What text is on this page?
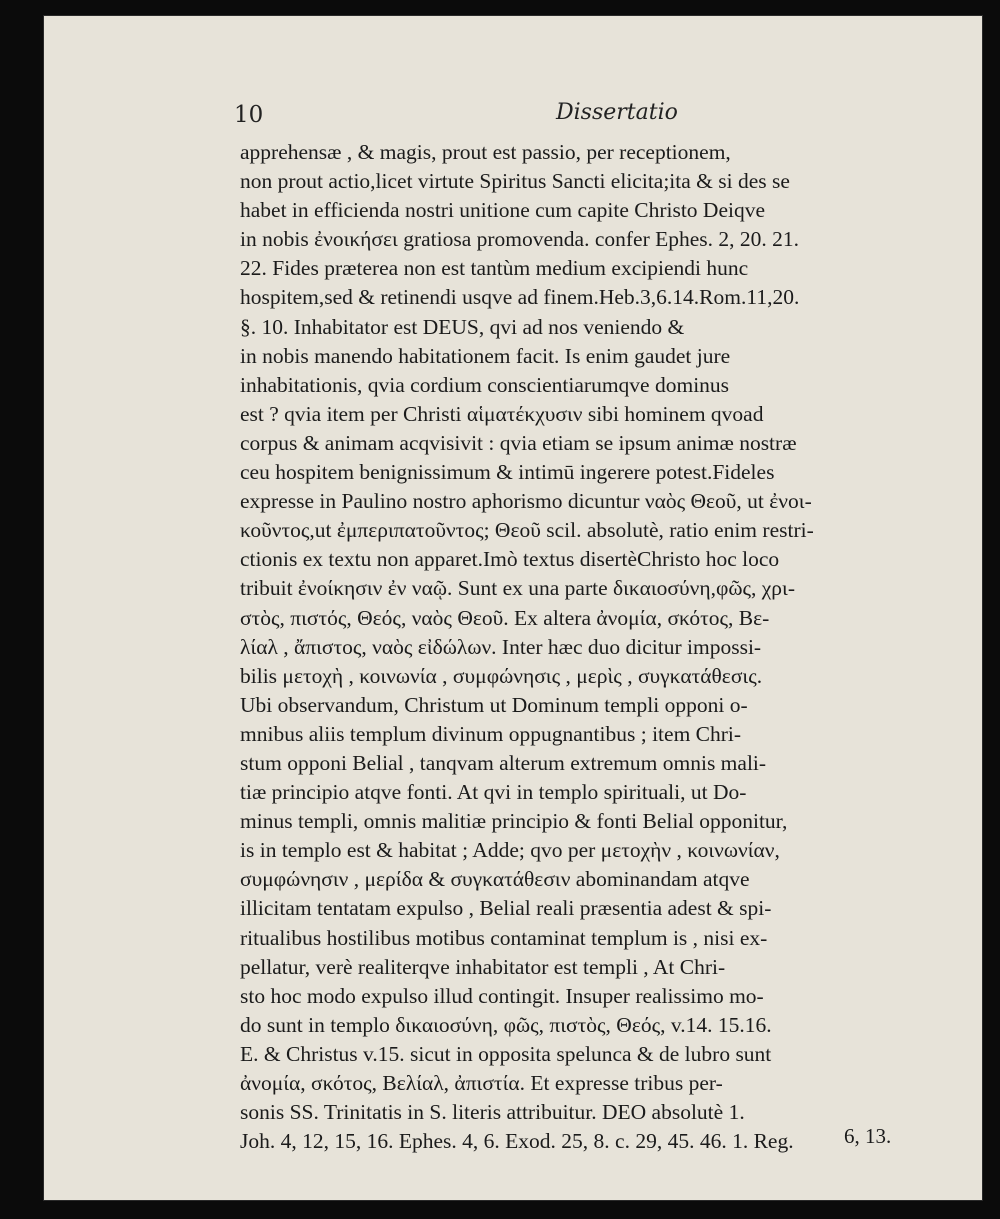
10	Dissertatio
apprehensæ , & magis, prout est passio, per receptionem,
non prout actio,licet virtute Spiritus Sancti elicita;ita & si des se
habet in efficienda nostri unitione cum capite Christo Deiqve
in nobis ἐνοικήσει gratiosa promovenda. confer Ephes. 2, 20. 21.
22. Fides præterea non est tantùm medium excipiendi hunc
hospitem,sed & retinendi usqve ad finem.Heb.3,6.14.Rom.11,20.
§. 10. Inhabitator est DEUS, qvi ad nos veniendo &
in nobis manendo habitationem facit. Is enim gaudet jure
inhabitationis, qvia cordium conscientiarumqve dominus
est ? qvia item per Christi αἱματέκχυσιν sibi hominem qvoad
corpus & animam acqvisivit : qvia etiam se ipsum animæ nostræ
ceu hospitem benignissimum & intimū ingerere potest.Fideles
expresse in Paulino nostro aphorismo dicuntur ναὸς Θεοῦ, ut ἐνοι-
κοῦντος,ut ἐμπεριπατοῦντος; Θεοῦ scil. absolutè, ratio enim restri-
ctionis ex textu non apparet.Imò textus disertèChristo hoc loco
tribuit ἐνοίκησιν ἐν ναῷ. Sunt ex una parte δικαιοσύνη,φῶς, χρι-
στὸς, πιστός, Θεός, ναὸς Θεοῦ. Ex altera ἀνομία, σκότος, Βε-
λίαλ , ἄπιστος, ναὸς εἰδώλων. Inter hæc duo dicitur impossi-
bilis μετοχὴ , κοινωνία , συμφώνησις , μερὶς , συγκατάθεσις.
Ubi observandum, Christum ut Dominum templi opponi o-
mnibus aliis templum divinum oppugnantibus ; item Chri-
stum opponi Belial , tanqvam alterum extremum omnis mali-
tiæ principio atqve fonti. At qvi in templo spirituali, ut Do-
minus templi, omnis malitiæ principio & fonti Belial opponitur,
is in templo est & habitat ; Adde; qvo per μετοχὴν , κοινωνίαν,
συμφώνησιν , μερίδα & συγκατάθεσιν abominandam atqve
illicitam tentatam expulso , Belial reali præsentia adest & spi-
ritualibus hostilibus motibus contaminat templum is , nisi ex-
pellatur, verè realiterqve inhabitator est templi , At Chri-
sto hoc modo expulso illud contingit. Insuper realissimo mo-
do sunt in templo δικαιοσύνη, φῶς, πιστὸς, Θεός, v.14. 15.16.
E. & Christus v.15. sicut in opposita spelunca & de lubro sunt
ἀνομία, σκότος, Βελίαλ, ἀπιστία. Et expresse tribus per-
sonis SS. Trinitatis in S. literis attribuitur. DEO absolutè 1.
Joh. 4, 12, 15, 16. Ephes. 4, 6. Exod. 25, 8. c. 29, 45. 46. 1. Reg.	6, 13.
